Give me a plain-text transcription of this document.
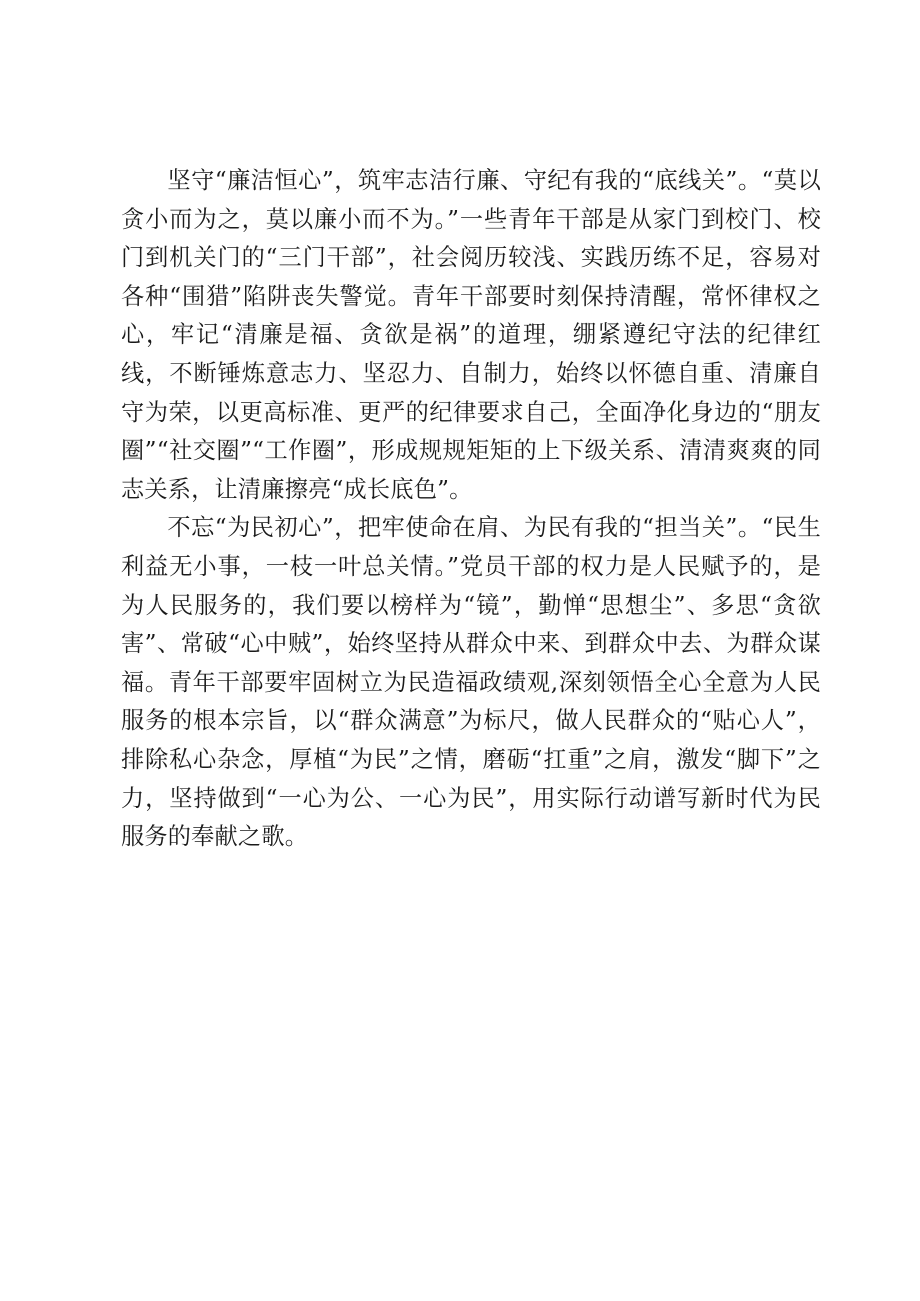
坚守“廉洁恒心”，筑牢志洁行廉、守纪有我的“底线关”。“莫以贪小而为之，莫以廉小而不为。”一些青年干部是从家门到校门、校门到机关门的“三门干部”，社会阅历较浅、实践历练不足，容易对各种“围猎”陷阱丧失警觉。青年干部要时刻保持清醒，常怀律权之心，牢记“清廉是福、贪欲是祸”的道理，绷紧遵纪守法的纪律红线，不断锤炼意志力、坚忍力、自制力，始终以怀德自重、清廉自守为荣，以更高标准、更严的纪律要求自己，全面净化身边的“朋友圈”“社交圈”“工作圈”，形成规规矩矩的上下级关系、清清爽爽的同志关系，让清廉擦亮“成长底色”。

不忘“为民初心”，把牢使命在肩、为民有我的“担当关”。“民生利益无小事，一枝一叶总关情。”党员干部的权力是人民赋予的，是为人民服务的，我们要以榜样为“镜”，勤惮“思想尘”、多思“贪欲害”、常破“心中贼”，始终坚持从群众中来、到群众中去、为群众谋福。青年干部要牢固树立为民造福政绩观,深刻领悟全心全意为人民服务的根本宗旨，以“群众满意”为标尺，做人民群众的“贴心人”，排除私心杂念，厚植“为民”之情，磨砺“扛重”之肩，激发“脚下”之力，坚持做到“一心为公、一心为民”，用实际行动谱写新时代为民服务的奉献之歌。
